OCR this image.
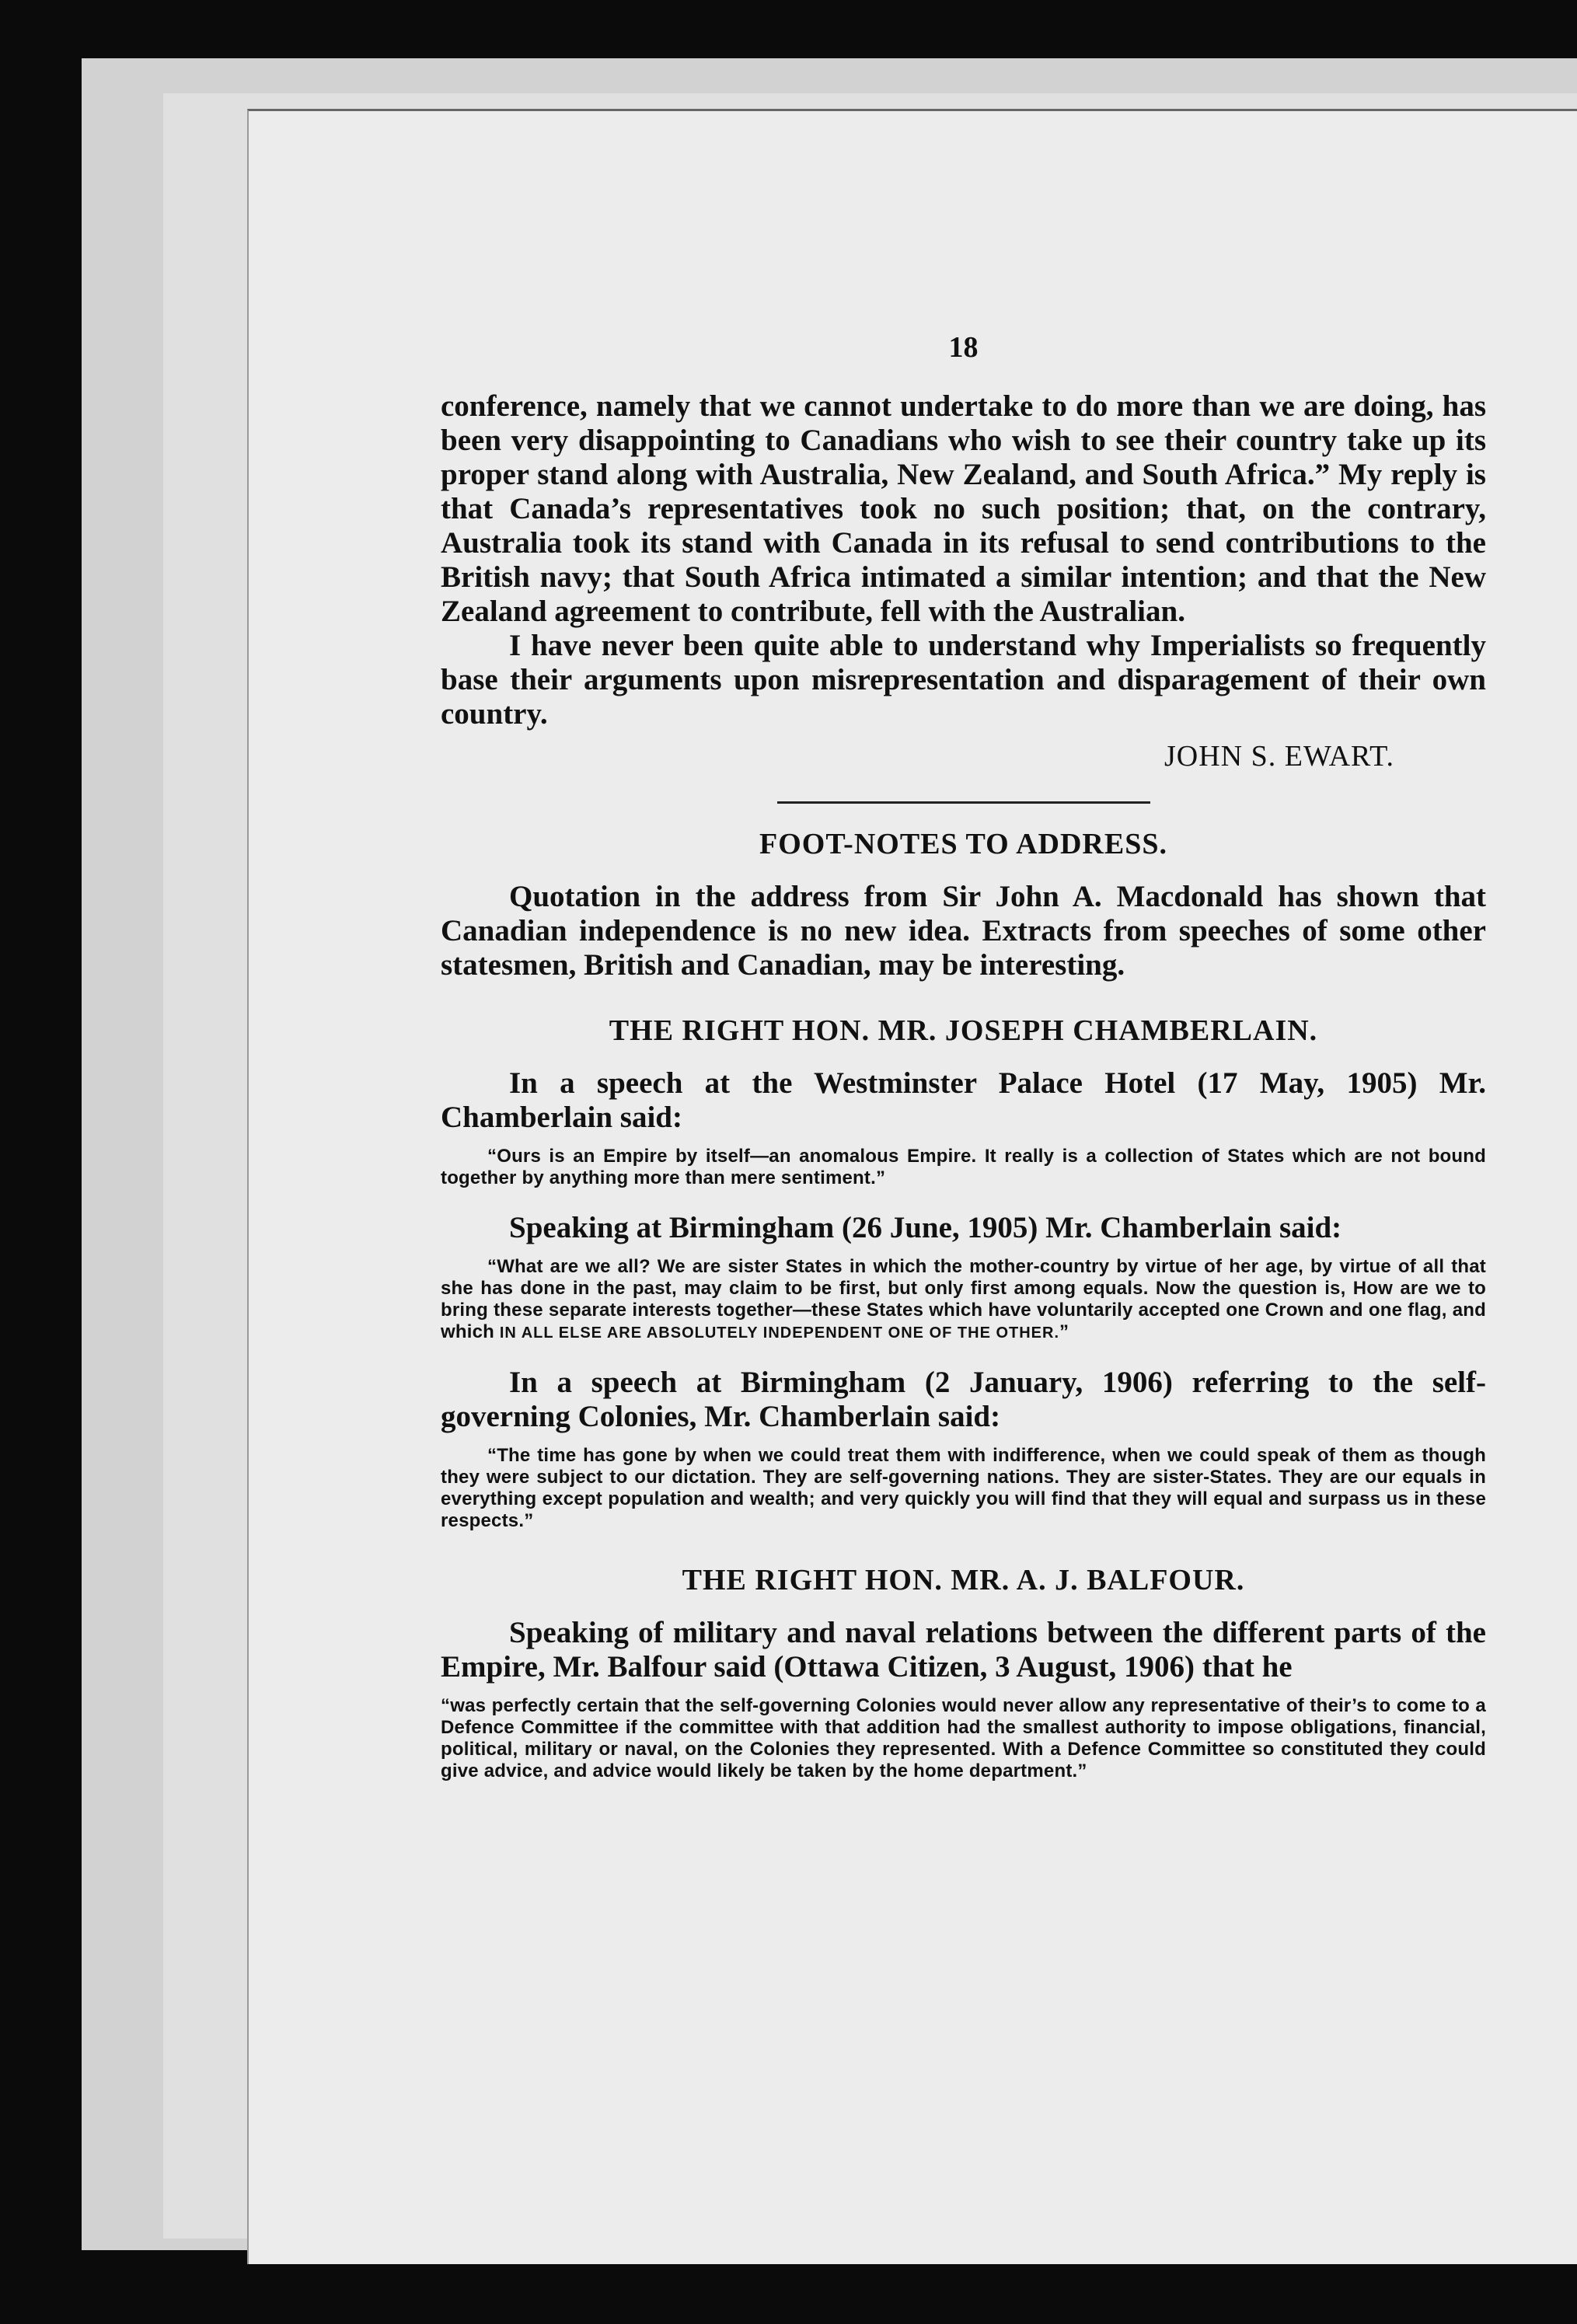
18

conference, namely that we cannot undertake to do more than we are doing, has been very disappointing to Canadians who wish to see their country take up its proper stand along with Australia, New Zealand, and South Africa.” My reply is that Canada’s representatives took no such position; that, on the contrary, Australia took its stand with Canada in its refusal to send contributions to the British navy; that South Africa intimated a similar intention; and that the New Zealand agreement to contribute, fell with the Australian.

I have never been quite able to understand why Imperialists so frequently base their arguments upon misrepresentation and disparagement of their own country.

JOHN S. EWART.
FOOT-NOTES TO ADDRESS.

Quotation in the address from Sir John A. Macdonald has shown that Canadian independence is no new idea. Extracts from speeches of some other statesmen, British and Canadian, may be interesting.

THE RIGHT HON. MR. JOSEPH CHAMBERLAIN.

In a speech at the Westminster Palace Hotel (17 May, 1905) Mr. Chamberlain said:

“Ours is an Empire by itself—an anomalous Empire. It really is a collection of States which are not bound together by anything more than mere sentiment.”

Speaking at Birmingham (26 June, 1905) Mr. Chamberlain said:

“What are we all? We are sister States in which the mother-country by virtue of her age, by virtue of all that she has done in the past, may claim to be first, but only first among equals. Now the question is, How are we to bring these separate interests together—these States which have voluntarily accepted one Crown and one flag, and which IN ALL ELSE ARE ABSOLUTELY INDEPENDENT ONE OF THE OTHER.”

In a speech at Birmingham (2 January, 1906) referring to the self-governing Colonies, Mr. Chamberlain said:

“The time has gone by when we could treat them with indifference, when we could speak of them as though they were subject to our dictation. They are self-governing nations. They are sister-States. They are our equals in everything except population and wealth; and very quickly you will find that they will equal and surpass us in these respects.”

THE RIGHT HON. MR. A. J. BALFOUR.

Speaking of military and naval relations between the different parts of the Empire, Mr. Balfour said (Ottawa Citizen, 3 August, 1906) that he

“was perfectly certain that the self-governing Colonies would never allow any representative of their’s to come to a Defence Committee if the committee with that addition had the smallest authority to impose obligations, financial, political, military or naval, on the Colonies they represented. With a Defence Committee so constituted they could give advice, and advice would likely be taken by the home department.”
